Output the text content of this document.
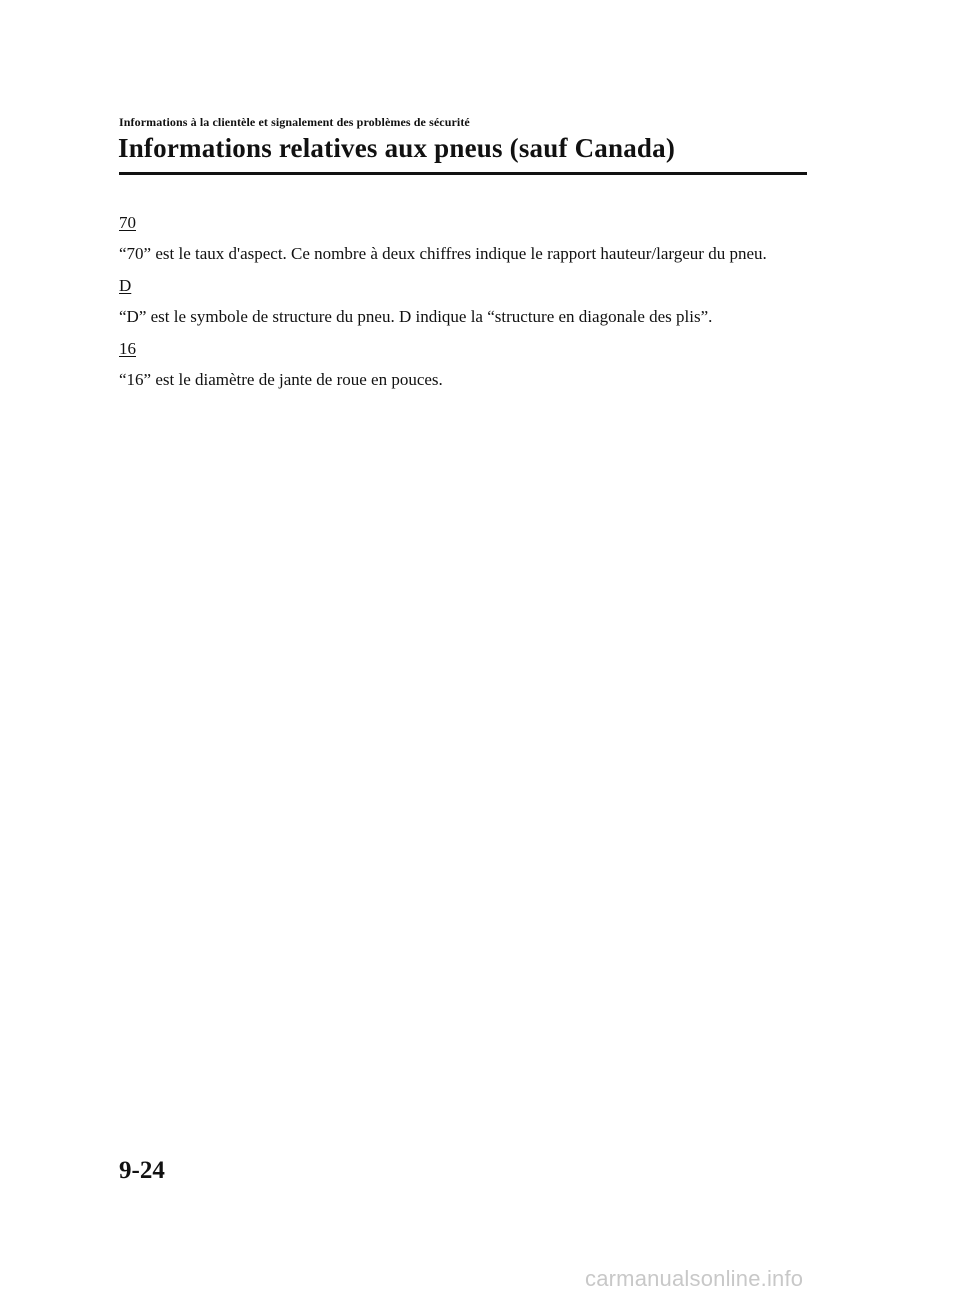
Informations à la clientèle et signalement des problèmes de sécurité
Informations relatives aux pneus (sauf Canada)

70

“70” est le taux d'aspect. Ce nombre à deux chiffres indique le rapport hauteur/largeur du pneu.

D

“D” est le symbole de structure du pneu. D indique la “structure en diagonale des plis”.

16

“16” est le diamètre de jante de roue en pouces.

9-24
carmanualsonline.info
